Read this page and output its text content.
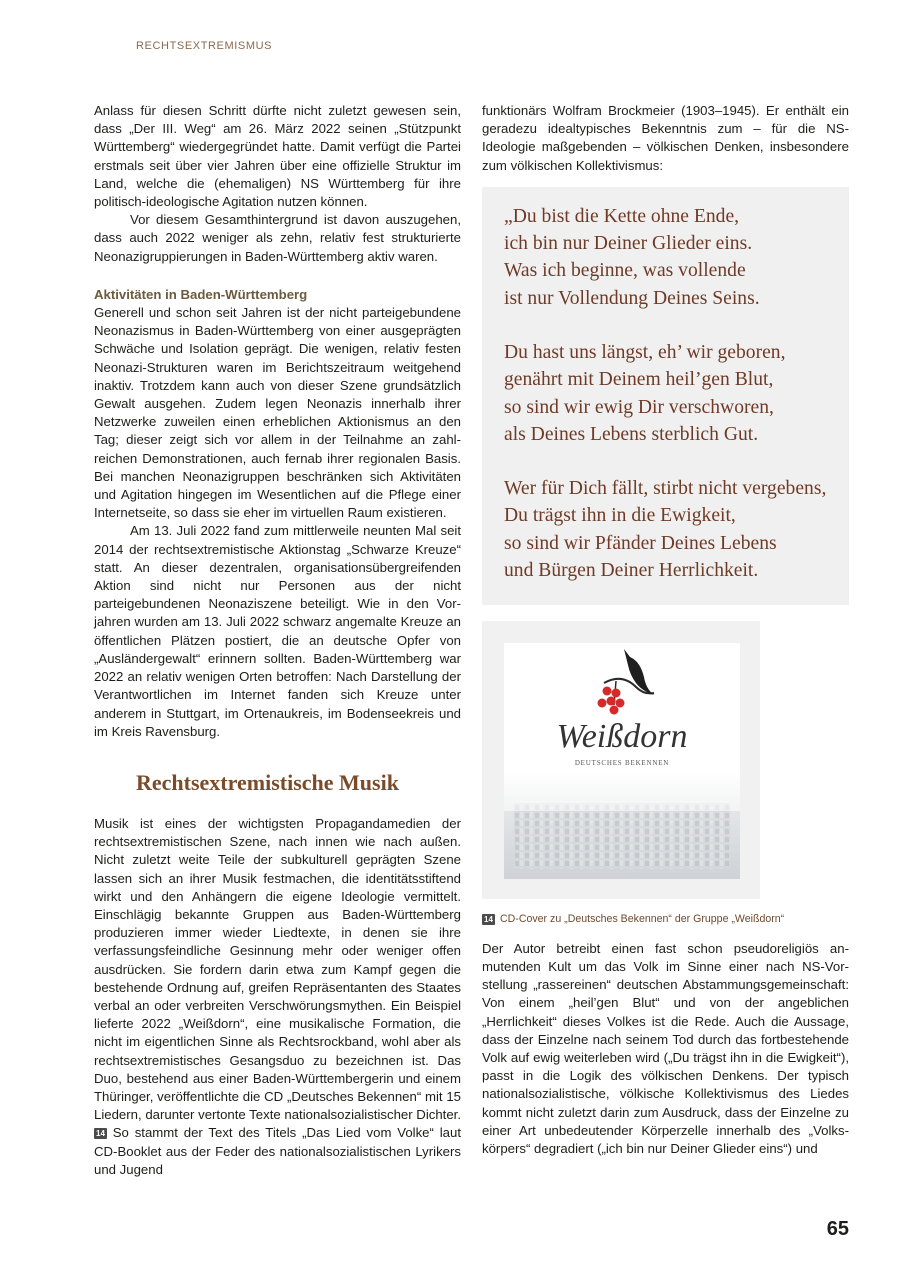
RECHTSEXTREMISMUS

Anlass für diesen Schritt dürfte nicht zuletzt gewesen sein, dass „Der III. Weg“ am 26. März 2022 seinen „Stützpunkt Württemberg“ wiedergegründet hatte. Damit verfügt die Partei erstmals seit über vier Jahren über eine offizielle Struktur im Land, welche die (ehemaligen) NS Württemberg für ihre politisch-ideologische Agitation nutzen können.

Vor diesem Gesamthintergrund ist davon auszugehen, dass auch 2022 weniger als zehn, relativ fest strukturierte Neonazigruppierungen in Baden-Württemberg aktiv waren.

Aktivitäten in Baden-Württemberg

Generell und schon seit Jahren ist der nicht parteigebundene Neonazismus in Baden-Württemberg von einer ausgeprägten Schwäche und Isolation geprägt. Die wenigen, relativ festen Neonazi-Strukturen waren im Berichtszeitraum weitgehend inaktiv. Trotzdem kann auch von dieser Szene grundsätzlich Gewalt ausgehen. Zudem legen Neonazis innerhalb ihrer Netzwerke zuweilen einen erheblichen Aktionismus an den Tag; dieser zeigt sich vor allem in der Teilnahme an zahlreichen Demonstrationen, auch fernab ihrer regionalen Basis. Bei manchen Neonazigruppen beschränken sich Aktivitäten und Agitation hingegen im Wesentlichen auf die Pflege einer Internetseite, so dass sie eher im virtuellen Raum existieren.

Am 13. Juli 2022 fand zum mittlerweile neunten Mal seit 2014 der rechtsextremistische Aktionstag „Schwarze Kreuze“ statt. An dieser dezentralen, organisationsübergreifenden Aktion sind nicht nur Personen aus der nicht parteigebundenen Neonaziszene beteiligt. Wie in den Vorjahren wurden am 13. Juli 2022 schwarz angemalte Kreuze an öffentlichen Plätzen postiert, die an deutsche Opfer von „Ausländergewalt“ erinnern sollten. Baden-Württemberg war 2022 an relativ wenigen Orten betroffen: Nach Darstellung der Verantwortlichen im Internet fanden sich Kreuze unter anderem in Stuttgart, im Ortenaukreis, im Bodenseekreis und im Kreis Ravensburg.

Rechtsextremistische Musik

Musik ist eines der wichtigsten Propagandamedien der rechtsextremistischen Szene, nach innen wie nach außen. Nicht zuletzt weite Teile der subkulturell geprägten Szene lassen sich an ihrer Musik festmachen, die identitätsstiftend wirkt und den Anhängern die eigene Ideologie vermittelt. Einschlägig bekannte Gruppen aus Baden-Württemberg produzieren immer wieder Liedtexte, in denen sie ihre verfassungsfeindliche Gesinnung mehr oder weniger offen ausdrücken. Sie fordern darin etwa zum Kampf gegen die bestehende Ordnung auf, greifen Repräsentanten des Staates verbal an oder verbreiten Verschwörungsmythen. Ein Beispiel lieferte 2022 „Weißdorn“, eine musikalische Formation, die nicht im eigentlichen Sinne als Rechtsrockband, wohl aber als rechtsextremistisches Gesangsduo zu bezeichnen ist. Das Duo, bestehend aus einer Baden-Württembergerin und einem Thüringer, veröffentlichte die CD „Deutsches Bekennen“ mit 15 Liedern, darunter vertonte Texte nationalsozialistischer Dichter. 14 So stammt der Text des Titels „Das Lied vom Volke“ laut CD-Booklet aus der Feder des nationalsozialistischen Lyrikers und Jugend

funktionärs Wolfram Brockmeier (1903–1945). Er enthält ein geradezu idealtypisches Bekenntnis zum – für die NS-Ideologie maßgebenden – völkischen Denken, insbesondere zum völkischen Kollektivismus:

„Du bist die Kette ohne Ende,
ich bin nur Deiner Glieder eins.
Was ich beginne, was vollende
ist nur Vollendung Deines Seins.
Du hast uns längst, eh’ wir geboren,
genährt mit Deinem heil’gen Blut,
so sind wir ewig Dir verschworen,
als Deines Lebens sterblich Gut.
Wer für Dich fällt, stirbt nicht vergebens,
Du trägst ihn in die Ewigkeit,
so sind wir Pfänder Deines Lebens
und Bürgen Deiner Herrlichkeit.
Weißdorn
DEUTSCHES BEKENNEN
14 CD-Cover zu „Deutsches Bekennen“ der Gruppe „Weißdorn“

Der Autor betreibt einen fast schon pseudoreligiös anmutenden Kult um das Volk im Sinne einer nach NS-Vorstellung „rassereinen“ deutschen Abstammungsgemeinschaft: Von einem „heil’gen Blut“ und von der angeblichen „Herrlichkeit“ dieses Volkes ist die Rede. Auch die Aussage, dass der Einzelne nach seinem Tod durch das fortbestehende Volk auf ewig weiterleben wird („Du trägst ihn in die Ewigkeit“), passt in die Logik des völkischen Denkens. Der typisch nationalsozialistische, völkische Kollektivismus des Liedes kommt nicht zuletzt darin zum Ausdruck, dass der Einzelne zu einer Art unbedeutender Körperzelle innerhalb des „Volkskörpers“ degradiert („ich bin nur Deiner Glieder eins“) und

65
